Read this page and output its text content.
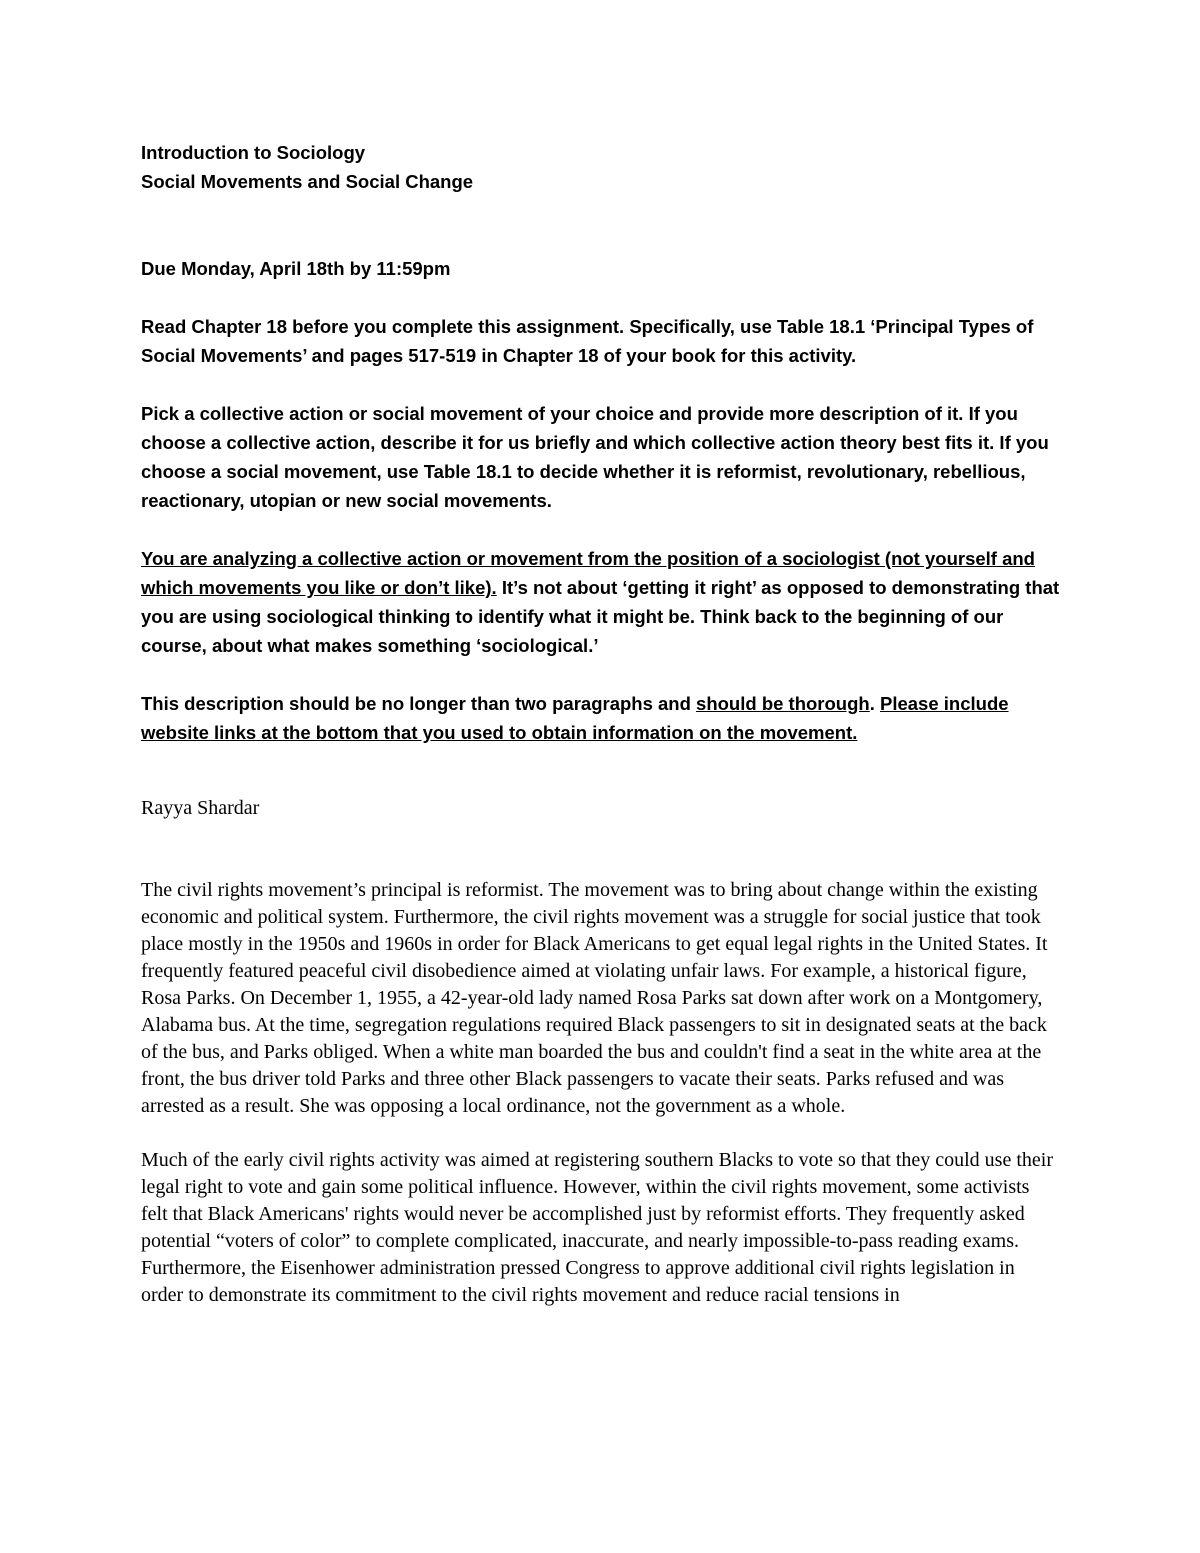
Introduction to Sociology
Social Movements and Social Change
Due Monday, April 18th by 11:59pm

Read Chapter 18 before you complete this assignment. Specifically, use Table 18.1 ‘Principal Types of Social Movements’ and pages 517-519 in Chapter 18 of your book for this activity.

Pick a collective action or social movement of your choice and provide more description of it. If you choose a collective action, describe it for us briefly and which collective action theory best fits it. If you choose a social movement, use Table 18.1 to decide whether it is reformist, revolutionary, rebellious, reactionary, utopian or new social movements.

You are analyzing a collective action or movement from the position of a sociologist (not yourself and which movements you like or don’t like). It’s not about ‘getting it right’ as opposed to demonstrating that you are using sociological thinking to identify what it might be. Think back to the beginning of our course, about what makes something ‘sociological.’

This description should be no longer than two paragraphs and should be thorough. Please include website links at the bottom that you used to obtain information on the movement.

Rayya Shardar

The civil rights movement’s principal is reformist. The movement was to bring about change within the existing economic and political system. Furthermore, the civil rights movement was a struggle for social justice that took place mostly in the 1950s and 1960s in order for Black Americans to get equal legal rights in the United States. It frequently featured peaceful civil disobedience aimed at violating unfair laws. For example, a historical figure, Rosa Parks. On December 1, 1955, a 42-year-old lady named Rosa Parks sat down after work on a Montgomery, Alabama bus. At the time, segregation regulations required Black passengers to sit in designated seats at the back of the bus, and Parks obliged. When a white man boarded the bus and couldn't find a seat in the white area at the front, the bus driver told Parks and three other Black passengers to vacate their seats. Parks refused and was arrested as a result. She was opposing a local ordinance, not the government as a whole.

Much of the early civil rights activity was aimed at registering southern Blacks to vote so that they could use their legal right to vote and gain some political influence. However, within the civil rights movement, some activists felt that Black Americans' rights would never be accomplished just by reformist efforts. They frequently asked potential “voters of color” to complete complicated, inaccurate, and nearly impossible-to-pass reading exams. Furthermore, the Eisenhower administration pressed Congress to approve additional civil rights legislation in order to demonstrate its commitment to the civil rights movement and reduce racial tensions in
